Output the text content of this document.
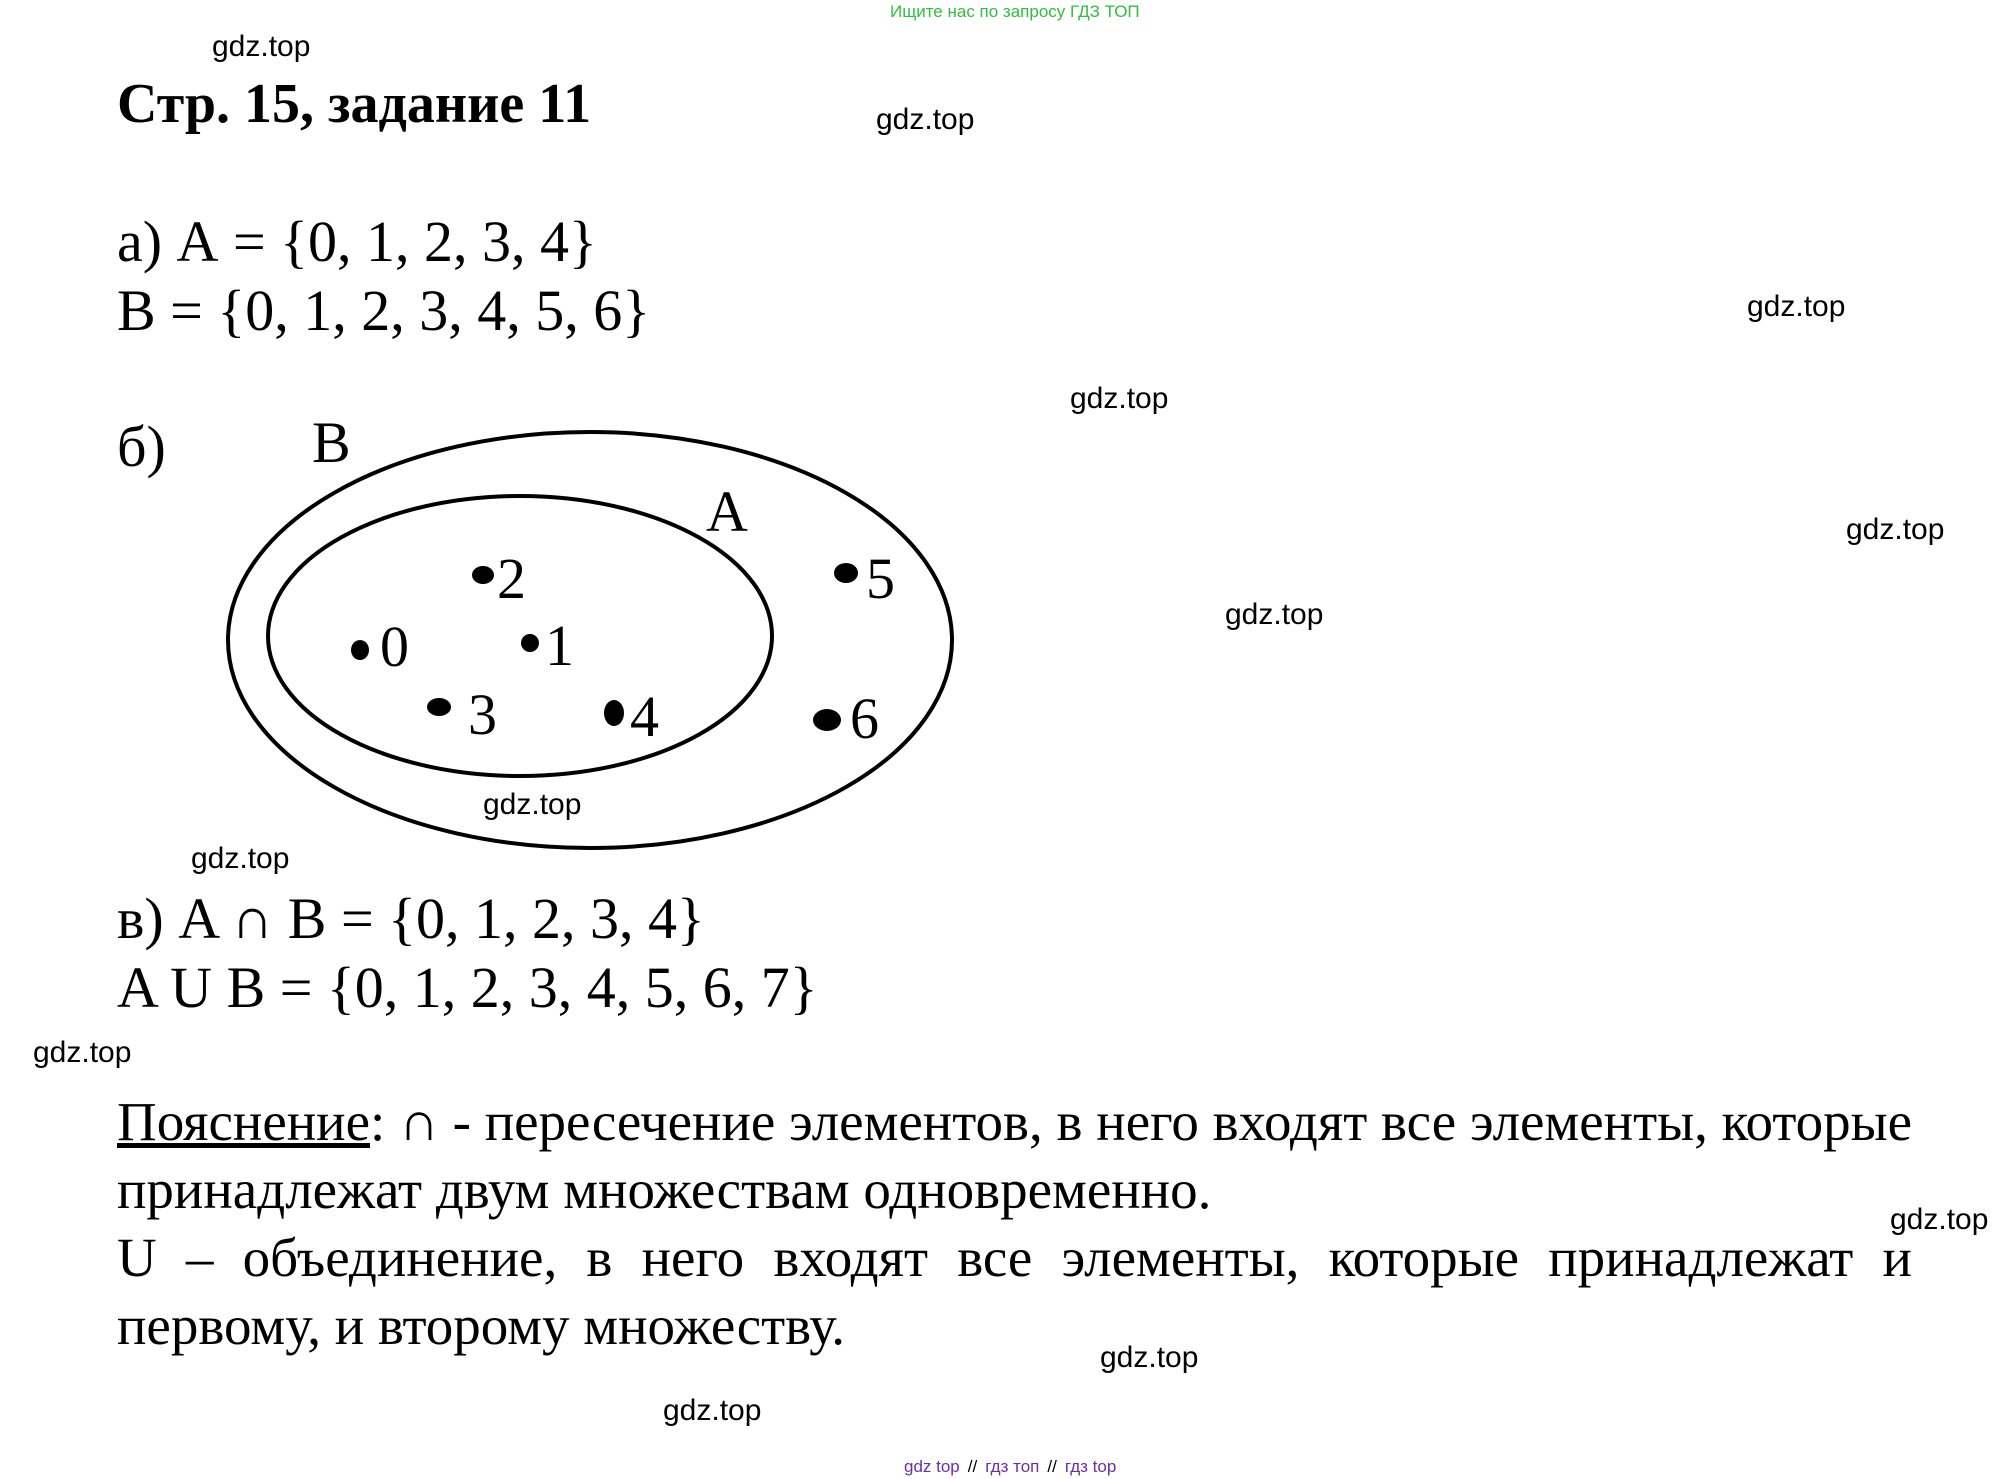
Ищите нас по запросу ГДЗ ТОП
Стр. 15, задание 11
а) А = {0, 1, 2, 3, 4}
В = {0, 1, 2, 3, 4, 5, 6}
б)	В
А
2
0 1
3 4
5
6
в) A ∩ B = {0, 1, 2, 3, 4}
A U B = {0, 1, 2, 3, 4, 5, 6, 7}

Пояснение: ∩ - пересечение элементов, в него входят все элементы, которые принадлежат двум множествам одновременно.

U – объединение, в него входят все элементы, которые принадлежат и первому, и второму множеству.

gdz.top
gdz.top
gdz.top
gdz.top
gdz.top
gdz.top
gdz.top
gdz.top
gdz.top
gdz.top
gdz.top
gdz.top
gdz top // гдз топ // гдз top
